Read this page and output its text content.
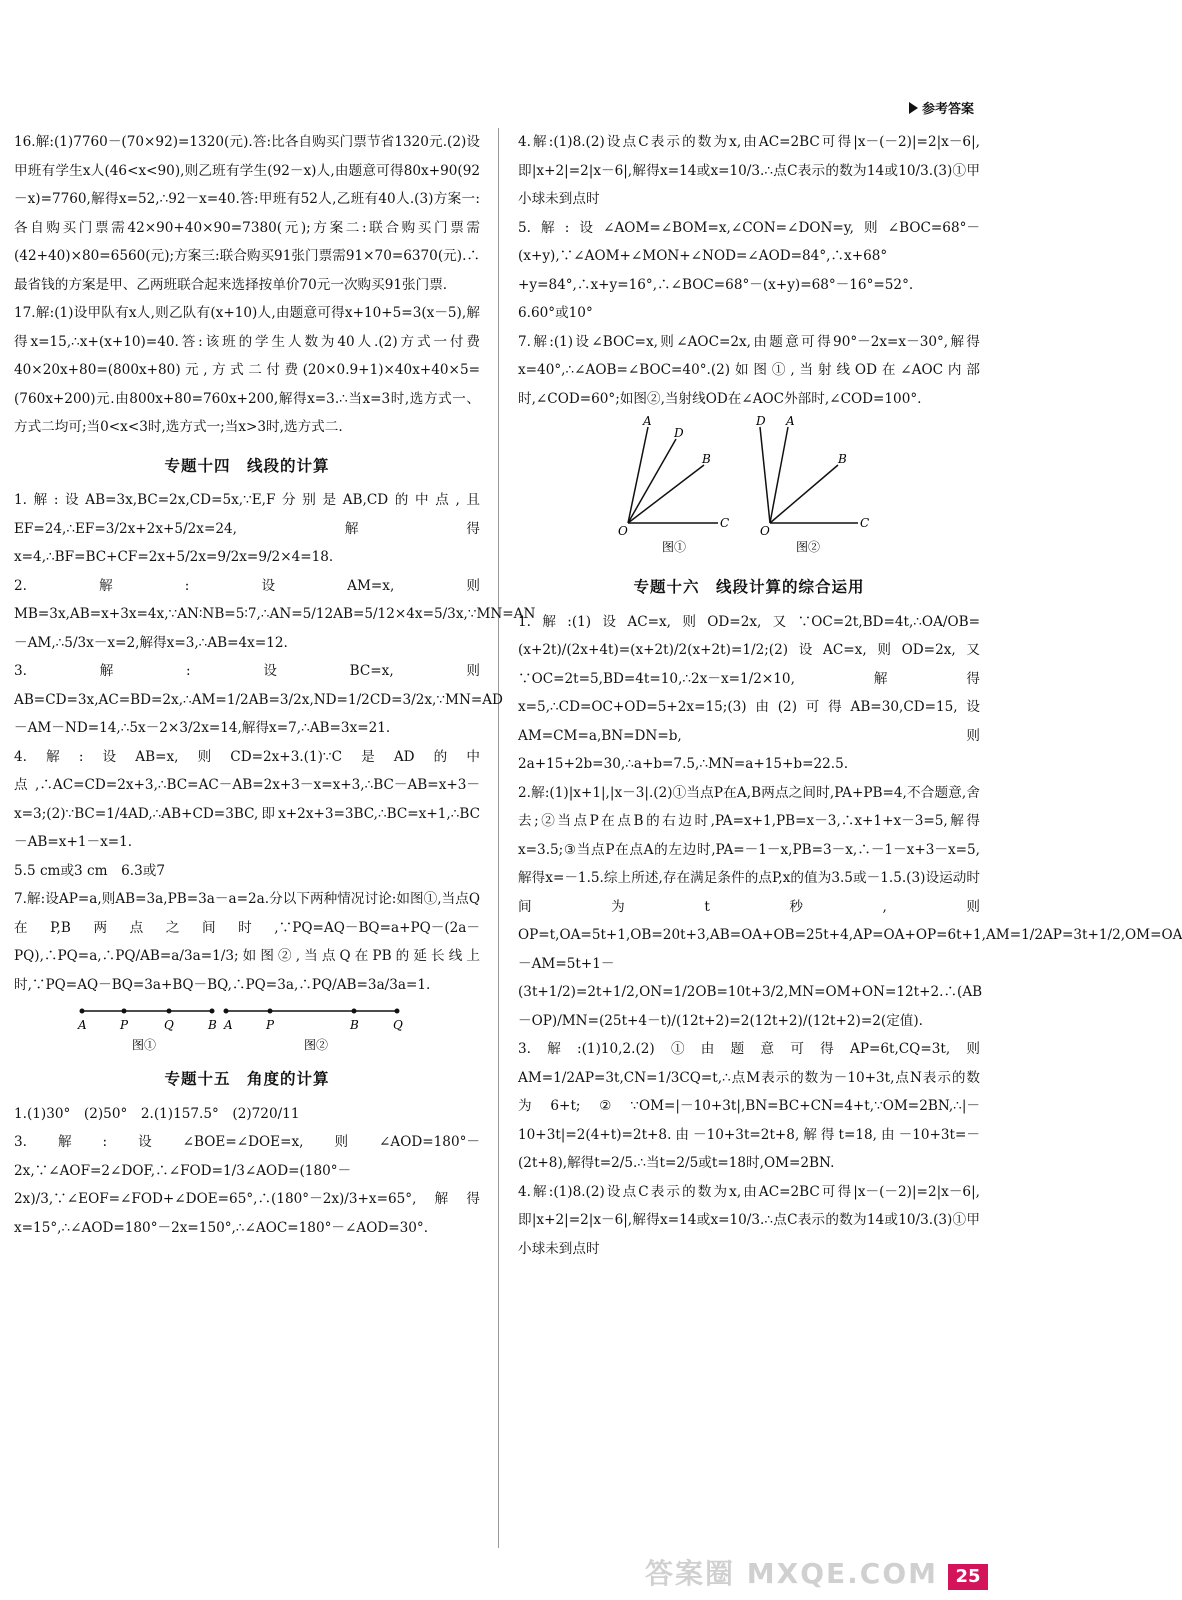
参考答案

16.解:(1)7760－(70×92)=1320(元).答:比各自购买门票节省1320元.(2)设甲班有学生x人(46<x<90),则乙班有学生(92－x)人,由题意可得80x+90(92－x)=7760,解得x=52,∴92－x=40.答:甲班有52人,乙班有40人.(3)方案一:各自购买门票需42×90+40×90=7380(元);方案二:联合购买门票需(42+40)×80=6560(元);方案三:联合购买91张门票需91×70=6370(元).∴最省钱的方案是甲、乙两班联合起来选择按单价70元一次购买91张门票.

17.解:(1)设甲队有x人,则乙队有(x+10)人,由题意可得x+10+5=3(x－5),解得x=15,∴x+(x+10)=40.答:该班的学生人数为40人.(2)方式一付费40×20x+80=(800x+80)元,方式二付费(20×0.9+1)×40x+40×5=(760x+200)元.由800x+80=760x+200,解得x=3.∴当x=3时,选方式一、方式二均可;当0<x<3时,选方式一;当x>3时,选方式二.

专题十四　线段的计算

1.解:设AB=3x,BC=2x,CD=5x,∵E,F分别是AB,CD的中点,且EF=24,∴EF=3/2x+2x+5/2x=24,解得x=4,∴BF=BC+CF=2x+5/2x=9/2x=9/2×4=18.

2.解:设AM=x,则MB=3x,AB=x+3x=4x,∵AN∶NB=5∶7,∴AN=5/12AB=5/12×4x=5/3x,∵MN=AN－AM,∴5/3x－x=2,解得x=3,∴AB=4x=12.

3.解:设BC=x,则AB=CD=3x,AC=BD=2x,∴AM=1/2AB=3/2x,ND=1/2CD=3/2x,∵MN=AD－AM－ND=14,∴5x－2×3/2x=14,解得x=7,∴AB=3x=21.

4.解:设AB=x,则CD=2x+3.(1)∵C是AD的中点,∴AC=CD=2x+3,∴BC=AC－AB=2x+3－x=x+3,∴BC－AB=x+3－x=3;(2)∵BC=1/4AD,∴AB+CD=3BC,即x+2x+3=3BC,∴BC=x+1,∴BC－AB=x+1－x=1.

5.5 cm或3 cm　6.3或7

7.解:设AP=a,则AB=3a,PB=3a－a=2a.分以下两种情况讨论:如图①,当点Q在P,B两点之间时,∵PQ=AQ－BQ=a+PQ－(2a－PQ),∴PQ=a,∴PQ/AB=a/3a=1/3;如图②,当点Q在PB的延长线上时,∵PQ=AQ－BQ=3a+BQ－BQ,∴PQ=3a,∴PQ/AB=3a/3a=1.

A	P	Q	B
图①
A	P	B	Q
图②
专题十五　角度的计算

1.(1)30°　(2)50°　2.(1)157.5°　(2)720/11

3.解:设∠BOE=∠DOE=x,则∠AOD=180°－2x,∵∠AOF=2∠DOF,∴∠FOD=1/3∠AOD=(180°－2x)/3,∵∠EOF=∠FOD+∠DOE=65°,∴(180°－2x)/3+x=65°,解得x=15°,∴∠AOD=180°－2x=150°,∴∠AOC=180°－∠AOD=30°.

4.解:(1)8.(2)设点C表示的数为x,由AC=2BC可得|x－(－2)|=2|x－6|,即|x+2|=2|x－6|,解得x=14或x=10/3.∴点C表示的数为14或10/3.(3)①甲小球未到点时

5.解:设∠AOM=∠BOM=x,∠CON=∠DON=y,则∠BOC=68°－(x+y),∵∠AOM+∠MON+∠NOD=∠AOD=84°,∴x+68°+y=84°,∴x+y=16°,∴∠BOC=68°－(x+y)=68°－16°=52°.

6.60°或10°

7.解:(1)设∠BOC=x,则∠AOC=2x,由题意可得90°－2x=x－30°,解得x=40°,∴∠AOB=∠BOC=40°.(2)如图①,当射线OD在∠AOC内部时,∠COD=60°;如图②,当射线OD在∠AOC外部时,∠COD=100°.

A
D
B
O
C
图①
D A
B
O
C
图②
专题十六　线段计算的综合运用

1.解:(1)设AC=x,则OD=2x,又∵OC=2t,BD=4t,∴OA/OB=(x+2t)/(2x+4t)=(x+2t)/2(x+2t)=1/2;(2)设AC=x,则OD=2x,又∵OC=2t=5,BD=4t=10,∴2x－x=1/2×10,解得x=5,∴CD=OC+OD=5+2x=15;(3)由(2)可得AB=30,CD=15,设AM=CM=a,BN=DN=b,则2a+15+2b=30,∴a+b=7.5,∴MN=a+15+b=22.5.

2.解:(1)|x+1|,|x－3|.(2)①当点P在A,B两点之间时,PA+PB=4,不合题意,舍去;②当点P在点B的右边时,PA=x+1,PB=x－3,∴x+1+x－3=5,解得x=3.5;③当点P在点A的左边时,PA=－1－x,PB=3－x,∴－1－x+3－x=5,解得x=－1.5.综上所述,存在满足条件的点P,x的值为3.5或－1.5.(3)设运动时间为t秒,则OP=t,OA=5t+1,OB=20t+3,AB=OA+OB=25t+4,AP=OA+OP=6t+1,AM=1/2AP=3t+1/2,OM=OA－AM=5t+1－(3t+1/2)=2t+1/2,ON=1/2OB=10t+3/2,MN=OM+ON=12t+2.∴(AB－OP)/MN=(25t+4－t)/(12t+2)=2(12t+2)/(12t+2)=2(定值).

3.解:(1)10,2.(2)①由题意可得AP=6t,CQ=3t,则AM=1/2AP=3t,CN=1/3CQ=t,∴点M表示的数为－10+3t,点N表示的数为6+t;②∵OM=|－10+3t|,BN=BC+CN=4+t,∵OM=2BN,∴|－10+3t|=2(4+t)=2t+8.由－10+3t=2t+8,解得t=18,由－10+3t=－(2t+8),解得t=2/5.∴当t=2/5或t=18时,OM=2BN.

4.解:(1)8.(2)设点C表示的数为x,由AC=2BC可得|x－(－2)|=2|x－6|,即|x+2|=2|x－6|,解得x=14或x=10/3.∴点C表示的数为14或10/3.(3)①甲小球未到点时

答案圈 MXQE.COM 25
